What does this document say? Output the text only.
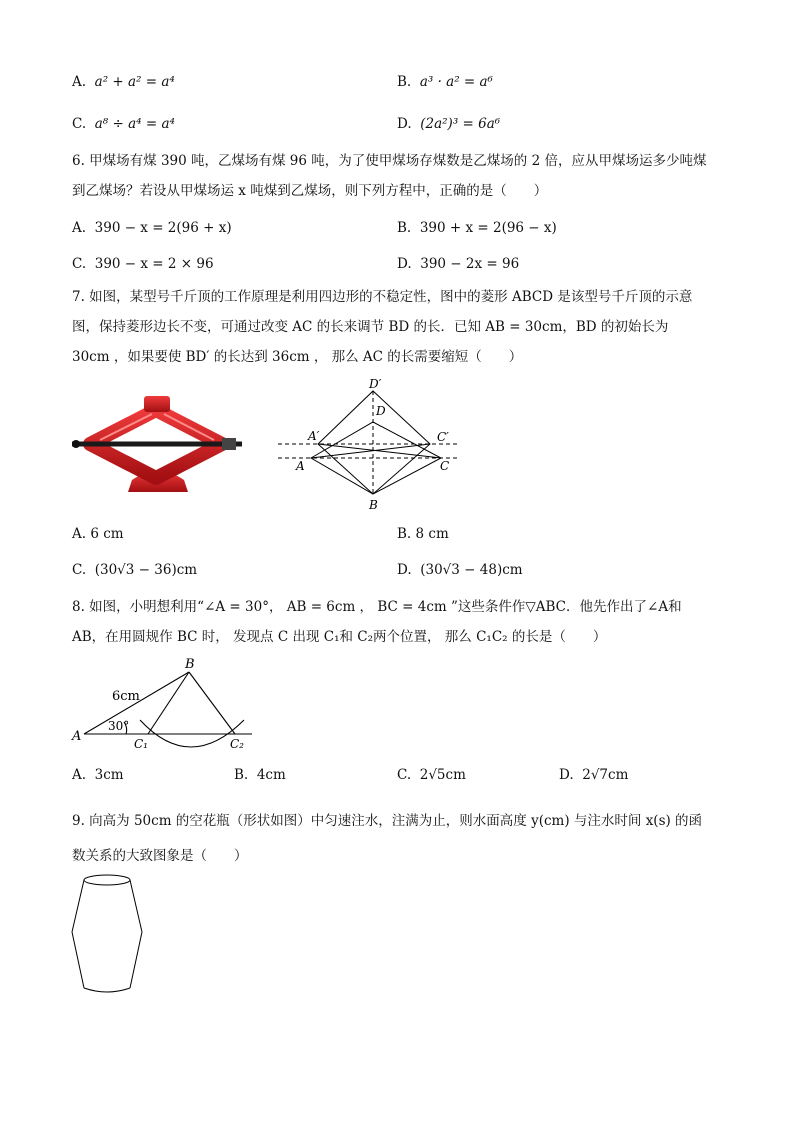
A. a² + a² = a⁴	B. a³ · a² = a⁶
C. a⁸ ÷ a⁴ = a⁴	D. (2a²)³ = 6a⁶
6. 甲煤场有煤 390 吨，乙煤场有煤 96 吨，为了使甲煤场存煤数是乙煤场的 2 倍，应从甲煤场运多少吨煤
到乙煤场？若设从甲煤场运 x 吨煤到乙煤场，则下列方程中，正确的是（　　）
A. 390 − x = 2(96 + x)	B. 390 + x = 2(96 − x)
C. 390 − x = 2 × 96	D. 390 − 2x = 96
7. 如图，某型号千斤顶的工作原理是利用四边形的不稳定性，图中的菱形 ABCD 是该型号千斤顶的示意
图，保持菱形边长不变，可通过改变 AC 的长来调节 BD 的长．已知 AB = 30cm，BD 的初始长为
30cm ，如果要使 BD′ 的长达到 36cm ， 那么 AC 的长需要缩短（　　）
D′
D
A′	C′
A	C
B
A. 6 cm	B. 8 cm
C. (30√3 − 36)cm	D. (30√3 − 48)cm
8. 如图，小明想利用“∠A = 30°， AB = 6cm ， BC = 4cm ”这些条件作▽ABC．他先作出了∠A和
AB，在用圆规作 BC 时， 发现点 C 出现 C₁和 C₂两个位置， 那么 C₁C₂ 的长是（　　）
B
6cm
30°
A	C₁	C₂
A. 3cm	B. 4cm	C. 2√5cm	D. 2√7cm
9. 向高为 50cm 的空花瓶（形状如图）中匀速注水，注满为止，则水面高度 y(cm) 与注水时间 x(s) 的函
数关系的大致图象是（　　）
